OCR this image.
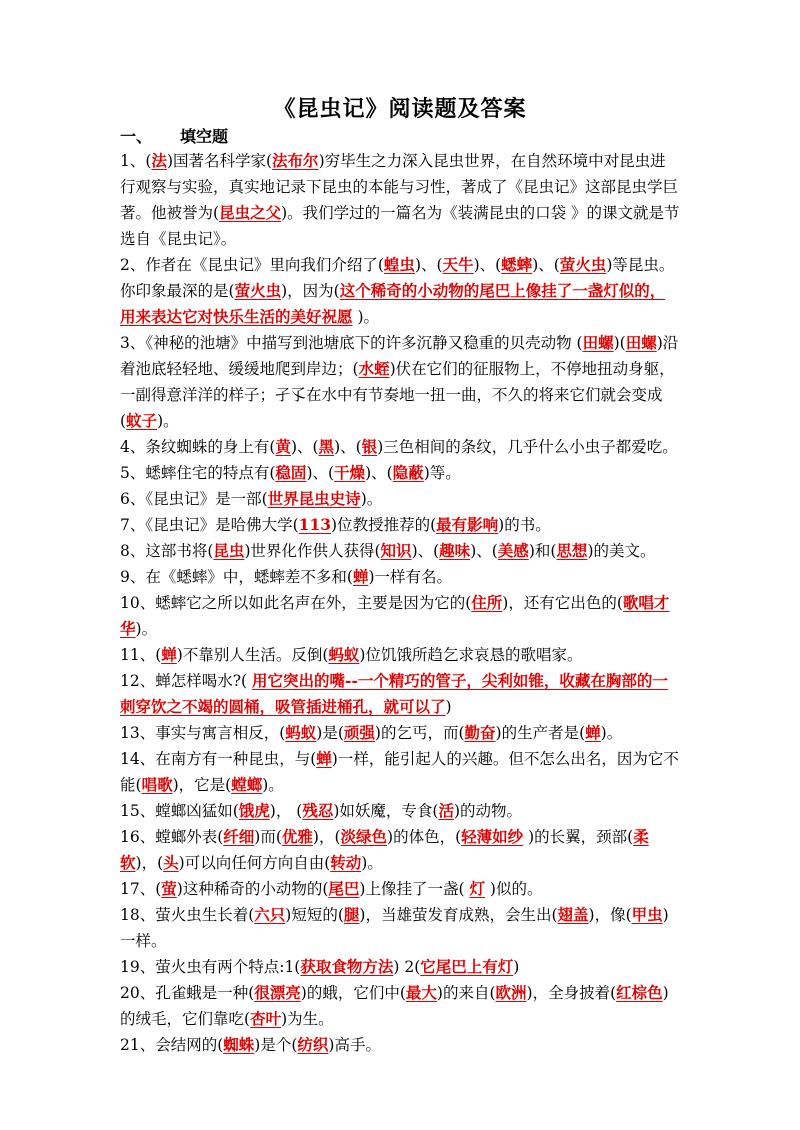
《昆虫记》阅读题及答案
一、 填空题

1、(法)国著名科学家(法布尔)穷毕生之力深入昆虫世界，在自然环境中对昆虫进行观察与实验，真实地记录下昆虫的本能与习性，著成了《昆虫记》这部昆虫学巨著。他被誉为(昆虫之父)。我们学过的一篇名为《装满昆虫的口袋 》的课文就是节选自《昆虫记》。

2、作者在《昆虫记》里向我们介绍了(蝗虫)、(天牛)、(蟋蟀)、(萤火虫)等昆虫。你印象最深的是(萤火虫)，因为(这个稀奇的小动物的尾巴上像挂了一盏灯似的，用来表达它对快乐生活的美好祝愿 )。

3、《神秘的池塘》中描写到池塘底下的许多沉静又稳重的贝壳动物 (田螺)(田螺)沿着池底轻轻地、缓缓地爬到岸边；(水蛭)伏在它们的征服物上，不停地扭动身躯，一副得意洋洋的样子；孑孓在水中有节奏地一扭一曲，不久的将来它们就会变成(蚊子)。

4、条纹蜘蛛的身上有(黄)、(黑)、(银)三色相间的条纹，几乎什么小虫子都爱吃。

5、蟋蟀住宅的特点有(稳固)、(干燥)、(隐蔽)等。

6、《昆虫记》是一部(世界昆虫史诗)。

7、《昆虫记》是哈佛大学(113)位教授推荐的(最有影响)的书。

8、这部书将(昆虫)世界化作供人获得(知识)、(趣味)、(美感)和(思想)的美文。

9、在《蟋蟀》中，蟋蟀差不多和(蝉)一样有名。

10、蟋蟀它之所以如此名声在外，主要是因为它的(住所)，还有它出色的(歌唱才华)。

11、(蝉)不靠别人生活。反倒(蚂蚁)位饥饿所趋乞求哀恳的歌唱家。

12、蝉怎样喝水?( 用它突出的嘴--一个精巧的管子，尖利如锥，收藏在胸部的一刺穿饮之不竭的圆桶，吸管插进桶孔，就可以了)

13、事实与寓言相反，(蚂蚁)是(顽强)的乞丐，而(勤奋)的生产者是(蝉)。

14、在南方有一种昆虫，与(蝉)一样，能引起人的兴趣。但不怎么出名，因为它不能(唱歌)，它是(螳螂)。

15、螳螂凶猛如(饿虎)， (残忍)如妖魔，专食(活)的动物。

16、螳螂外表(纤细)而(优雅)，(淡绿色)的体色，(轻薄如纱 )的长翼，颈部(柔软)，(头)可以向任何方向自由(转动)。

17、(萤)这种稀奇的小动物的(尾巴)上像挂了一盏( 灯 )似的。

18、萤火虫生长着(六只)短短的(腿)，当雄萤发育成熟，会生出(翅盖)，像(甲虫)一样。

19、萤火虫有两个特点:1(获取食物方法) 2(它尾巴上有灯)

20、孔雀蛾是一种(很漂亮)的蛾，它们中(最大)的来自(欧洲)，全身披着(红棕色)的绒毛，它们靠吃(杏叶)为生。

21、会结网的(蜘蛛)是个(纺织)高手。
